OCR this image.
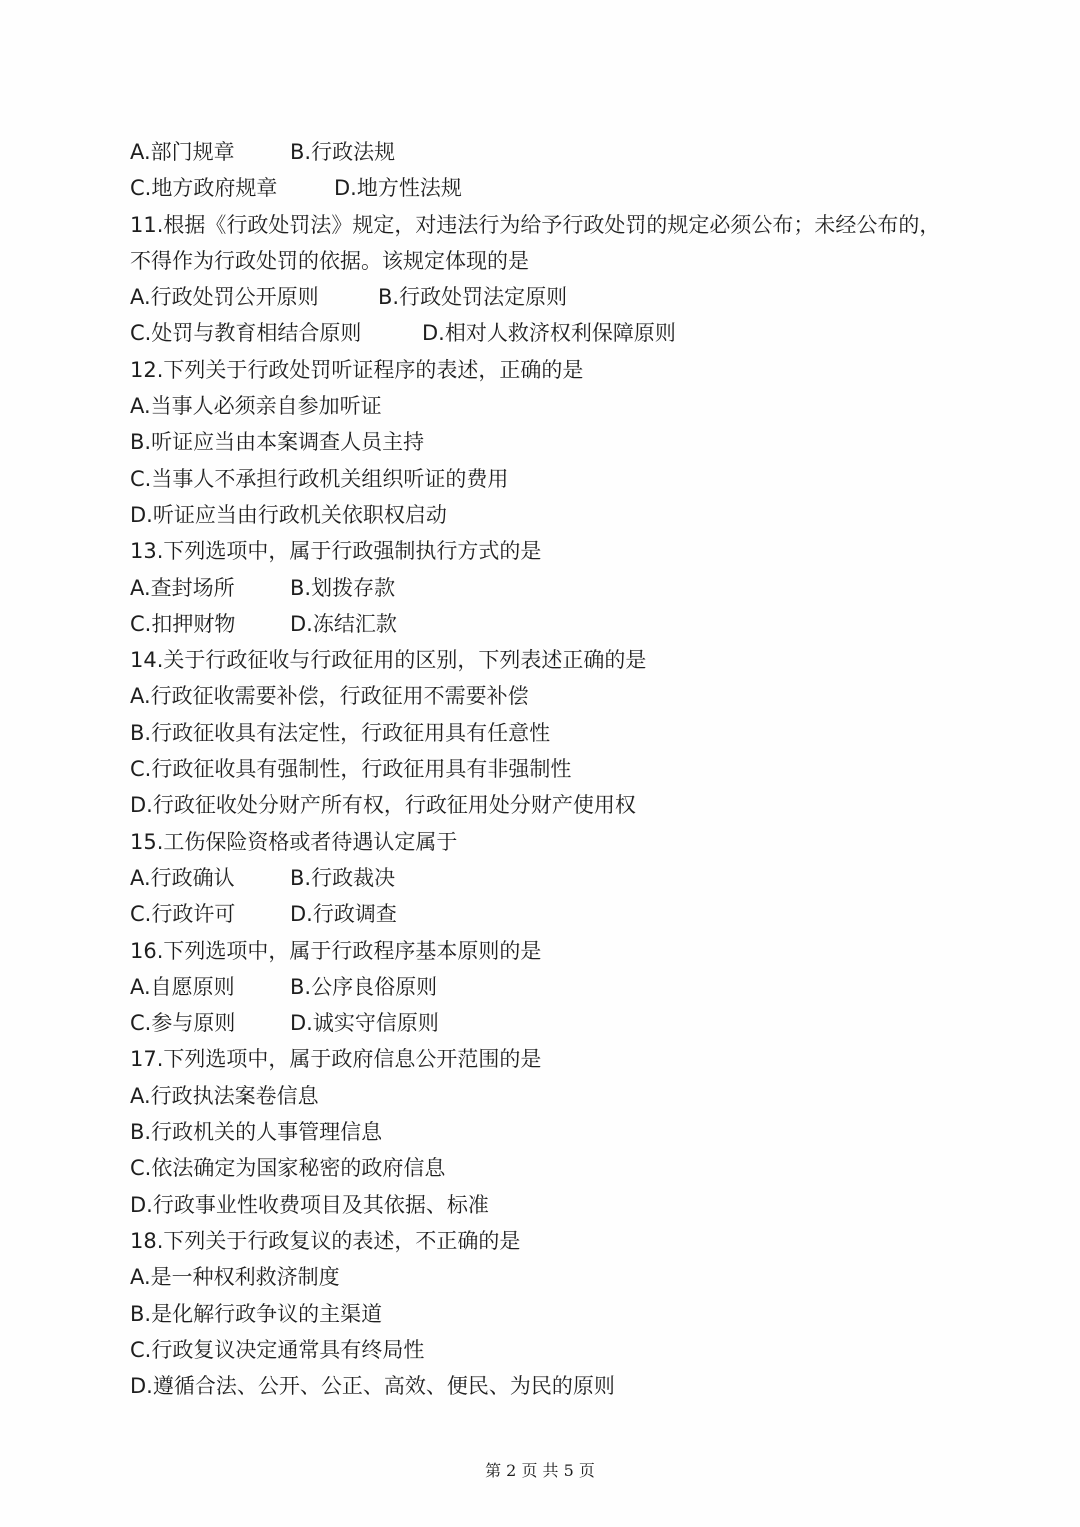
A.部门规章	B.行政法规
C.地方政府规章	D.地方性法规
11.根据《行政处罚法》规定，对违法行为给予行政处罚的规定必须公布；未经公布的，
不得作为行政处罚的依据。该规定体现的是
A.行政处罚公开原则	B.行政处罚法定原则
C.处罚与教育相结合原则	D.相对人救济权利保障原则
12.下列关于行政处罚听证程序的表述，正确的是
A.当事人必须亲自参加听证
B.听证应当由本案调查人员主持
C.当事人不承担行政机关组织听证的费用
D.听证应当由行政机关依职权启动
13.下列选项中，属于行政强制执行方式的是
A.查封场所	B.划拨存款
C.扣押财物	D.冻结汇款
14.关于行政征收与行政征用的区别，下列表述正确的是
A.行政征收需要补偿，行政征用不需要补偿
B.行政征收具有法定性，行政征用具有任意性
C.行政征收具有强制性，行政征用具有非强制性
D.行政征收处分财产所有权，行政征用处分财产使用权
15.工伤保险资格或者待遇认定属于
A.行政确认	B.行政裁决
C.行政许可	D.行政调查
16.下列选项中，属于行政程序基本原则的是
A.自愿原则	B.公序良俗原则
C.参与原则	D.诚实守信原则
17.下列选项中，属于政府信息公开范围的是
A.行政执法案卷信息
B.行政机关的人事管理信息
C.依法确定为国家秘密的政府信息
D.行政事业性收费项目及其依据、标准
18.下列关于行政复议的表述，不正确的是
A.是一种权利救济制度
B.是化解行政争议的主渠道
C.行政复议决定通常具有终局性
D.遵循合法、公开、公正、高效、便民、为民的原则
第 2 页 共 5 页
